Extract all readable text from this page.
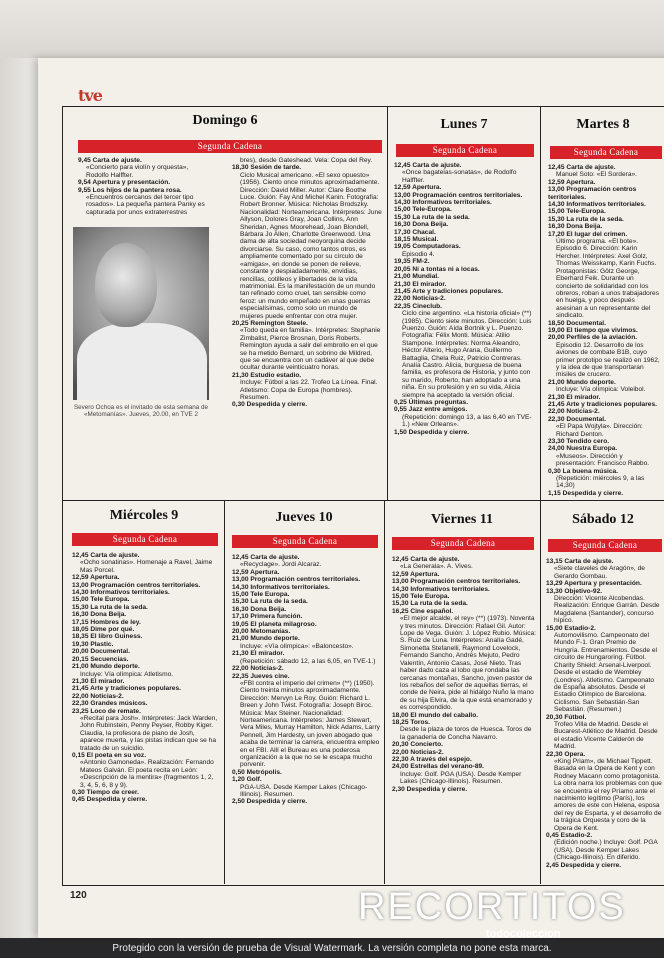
tve
Domingo 6	Lunes 7	Martes 8
Miércoles 9	Jueves 10	Viernes 11	Sábado 12
Segunda Cadena	Segunda Cadena	Segunda Cadena
Segunda Cadena	Segunda Cadena	Segunda Cadena	Segunda Cadena
Severo Ochoa es el invitado de esta semana de «Metomanías». Jueves, 20.00, en TVE 2

9,45 Carta de ajuste.

«Concierto para violín y orquesta», Rodolfo Halffter.

9,54 Apertura y presentación.

9,55 Los hijos de la pantera rosa.

«Encuentros cercanos del tercer tipo rosados». La pequeña pantera Panky es capturada por unos extraterrestres

bres), desde Gateshead. Vela: Copa del Rey.

18,30 Sesión de tarde.

Ciclo Musical americano. «El sexo opuesto» (1956). Ciento once minutos aproximadamente. Dirección: David Miller. Autor: Clare Boothe Luce. Guión: Fay And Michel Kanin. Fotografía: Robert Bronner. Música: Nicholas Brodszky. Nacionalidad: Norteamericana. Intérpretes: June Allyson, Dolores Gray, Joan Collins, Ann Sheridan, Agnes Moorehead, Joan Blondell, Bárbara Jo Allen, Charlotte Greenwood. Una dama de alta sociedad neoyorquina decide divorciarse. Su caso, como tantos otros, es ampliamente comentado por su círculo de «amigas», en donde se ponen de relieve, constante y despiadadamente, envidias, rencillas, cotilleos y libertades de la vida matrimonial. Es la manifestación de un mundo tan refinado como cruel, tan sensible como feroz: un mundo empeñado en unas guerras especialísimas, como solo un mundo de mujeres puede enfrentar con otra mujer.

20,25 Remington Steele.

«Todo queda en familia». Intérpretes: Stephanie Zimbalist, Pierce Brosnan, Doris Roberts. Remington ayuda a salir del embrollo en el que se ha metido Bernard, un sobrino de Mildred, que se encuentra con un cadáver al que debe ocultar durante veinticuatro horas.

21,30 Estudio estadio.

Incluye: Fútbol a las 22. Trofeo La Línea. Final. Atletismo: Copa de Europa (hombres). Resumen.

0,30 Despedida y cierre.

12,45 Carta de ajuste.

«Once bagatelas-sonatas», de Rodolfo Halffter.

12,59 Apertura.

13,00 Programación centros territoriales.

14,30 Informativos territoriales.

15,00 Tele-Europa.

15,30 La ruta de la seda.

16,30 Dona Beija.

17,30 Chacal.

18,15 Musical.

19,05 Computadoras.

Episodio 4.

19,35 FM-2.

20,05 Ni a tontas ni a locas.

21,00 Mundial.

21,30 El mirador.

21,45 Arte y tradiciones populares.

22,00 Noticias-2.

22,35 Cineclub.

Ciclo cine argentino. «La historia oficial» (**) (1985). Ciento siete minutos. Dirección: Luis Puenzo. Guión: Aída Bortnik y L. Puenzo. Fotografía: Félix Monti. Música: Atilio Stampone. Intérpretes: Norma Aleandro, Héctor Alterio, Hugo Arana, Guillermo Battaglia, Chela Ruiz, Patricio Contreras. Analía Castro. Alicia, burguesa de buena familia, es profesora de Historia, y junto con su marido, Roberto, han adoptado a una niña. En su profesión y en su vida, Alicia siempre ha aceptado la versión oficial.

0,25 Últimas preguntas.

0,55 Jazz entre amigos.

(Repetición: domingo 13, a las 6,40 en TVE-1.) «New Orleans».

1,50 Despedida y cierre.

12,45 Carta de ajuste.

Manuel Soto: «El Sordera».

12,59 Apertura.

13,00 Programación centros territoriales.

14,30 Informativos territoriales.

15,00 Tele-Europa.

15,30 La ruta de la seda.

16,30 Dona Beija.

17,20 El lugar del crimen.

Último programa. «El bote». Episodio 6. Dirección: Karin Hercher. Intérpretes: Axel Golz, Thomas Weisskamp, Karin Fuchs. Protagonistas: Götz George, Eberhard Feik. Durante un concierto de solidaridad con los obreros, roban a unos trabajadores en huelga, y poco después asesinan a un representante del sindicato.

18,50 Documental.

19,00 El tiempo que vivimos.

20,00 Perfiles de la aviación.

Episodio 12. Desarrollo de los aviones de combate B1B, cuyo primer prototipo se realizó en 1962, y la idea de que transportaran misiles de crucero.

21,00 Mundo deporte.

Incluye: Vía olímpica: Voleibol.

21,30 El mirador.

21,45 Arte y tradiciones populares.

22,00 Noticias-2.

22,30 Documental.

«El Papa Wojtyla». Dirección: Richard Denton.

23,30 Tendido cero.

24,00 Nuestra Europa.

«Museos». Dirección y presentación: Francisco Rabbo.

0,30 La buena música.

(Repetición: miércoles 9, a las 14,30)

1,15 Despedida y cierre.

12,45 Carta de ajuste.

«Ocho sonatinas». Homenaje a Ravel, Jaime Mas Porcel.

12,59 Apertura.

13,00 Programación centros territoriales.

14,30 Informativos territoriales.

15,00 Tele Europa.

15,30 La ruta de la seda.

16,30 Dona Beija.

17,15 Hombres de ley.

18,05 Dime por qué.

18,35 El libro Guiness.

19,30 Plastic.

20,00 Documental.

20,15 Secuencias.

21,00 Mundo deporte.

Incluye: Vía olímpica: Atletismo.

21,30 El mirador.

21,45 Arte y tradiciones populares.

22,00 Noticias-2.

22,30 Grandes músicos.

23,25 Loco de remate.

«Recital para Josh». Intérpretes: Jack Warden, John Rubinstein, Penny Peyser, Robby Kiger. Claudia, la profesora de piano de Josh, aparece muerta, y las pistas indican que se ha tratado de un suicidio.

0,15 El poeta en su voz.

«Antonio Gamoneda». Realización: Fernando Mateos Galván. El poeta recita en León: «Descripción de la mentira» (fragmentos 1, 2, 3, 4, 5, 6, 8 y 9).

0,30 Tiempo de creer.

0,45 Despedida y cierre.

12,45 Carta de ajuste.

«Recyclage». Jordi Alcaraz.

12,59 Apertura.

13,00 Programación centros territoriales.

14,30 Informativos territoriales.

15,00 Tele Europa.

15,30 La ruta de la seda.

16,30 Dona Beija.

17,10 Primera función.

19,05 El planeta milagroso.

20,00 Metomanías.

21,00 Mundo deporte.

Incluye: «Vía olímpica»: «Baloncesto».

21,30 El mirador.

(Repetición: sábado 12, a las 6,05, en TVE-1.)

22,00 Noticias-2.

22,35 Jueves cine.

«FBI contra el imperio del crimen» (**) (1950). Ciento treinta minutos aproximadamente. Dirección: Mervyn Le Roy. Guión: Richard L. Breen y John Twist. Fotografía: Joseph Biroc. Música: Max Steiner. Nacionalidad: Norteamericana. Intérpretes: James Stewart, Vera Miles, Murray Hamilton, Nick Adams, Larry Pennell, Jim Hardesty, un joven abogado que acaba de terminar la carrera, encuentra empleo en el FBI. Allí el Bureau es una poderosa organización a la que no se le escapa mucho porvenir.

0,50 Metrópolis.

1,20 Golf.

PGA-USA. Desde Kemper Lakes (Chicago-Illinois). Resumen.

2,50 Despedida y cierre.

12,45 Carta de ajuste.

«La Generala». A. Vives.

12,59 Apertura.

13,00 Programación centros territoriales.

14,30 Informativos territoriales.

15,00 Tele Europa.

15,30 La ruta de la seda.

16,25 Cine español.

«El mejor alcalde, el rey» (**) (1973). Noventa y tres minutos. Dirección: Rafael Gil. Autor: Lope de Vega. Guión: J. López Rubio. Música: S. Ruiz de Luna. Intérpretes: Analía Gadé, Simonetta Stefanelli, Raymond Lovelock, Fernando Sancho, Andrés Mejuto, Pedro Valentín, Antonio Casas, José Nieto. Tras haber dado caza al lobo que rondaba las cercanas montañas, Sancho, joven pastor de los rebaños del señor de aquellas tierras, el conde de Neira, pide al hidalgo Nuño la mano de su hija Elvira, de la que está enamorado y es correspondido.

18,00 El mundo del caballo.

18,25 Toros.

Desde la plaza de toros de Huesca. Toros de la ganadería de Concha Navarro.

20,30 Concierto.

22,00 Noticias-2.

22,30 A través del espejo.

24,00 Estrellas del verano-89.

Incluye: Golf. PGA (USA). Desde Kemper Lakes (Chicago-Illinois). Resumen.

2,30 Despedida y cierre.

13,15 Carta de ajuste.

«Siete claveles de Aragón», de Gerardo Gombau.

13,29 Apertura y presentación.

13,30 Objetivo-92.

Dirección: Vicente Alcobendas. Realización: Enrique Garrán. Desde Magdalena (Santander), concurso hípico.

15,00 Estadio-2.

Automovilismo. Campeonato del Mundo F-1. Gran Premio de Hungría. Entrenamientos. Desde el circuito de Hungaroring. Fútbol. Charity Shield: Arsenal-Liverpool. Desde el estadio de Wembley (Londres). Atletismo. Campeonato de España absolutos. Desde el Estadio Olímpico de Barcelona. Ciclismo. San Sebastián-San Sebastián. (Resumen.)

20,30 Fútbol.

Trofeo Villa de Madrid. Desde el Bucarest-Atlético de Madrid. Desde el estadio Vicente Calderón de Madrid.

22,30 Opera.

«King Priam», de Michael Tippett. Basada en la Opera de Kent y con Rodney Macann como protagonista. La obra narra los problemas con que se encuentra el rey Príamo ante el nacimiento legítimo (París), los amores de este con Helena, esposa del rey de Esparta, y el desarrollo de la trágica Orquesta y coro de la Opera de Kent.

0,45 Estadio-2.

(Edición noche.) Incluye: Golf. PGA (USA). Desde Kemper Lakes (Chicago-Illinois). En diferido.

2,45 Despedida y cierre.

120	RECORTITOS
todocoleccion
Protegido con la versión de prueba de Visual Watermark. La versión completa no pone esta marca.
